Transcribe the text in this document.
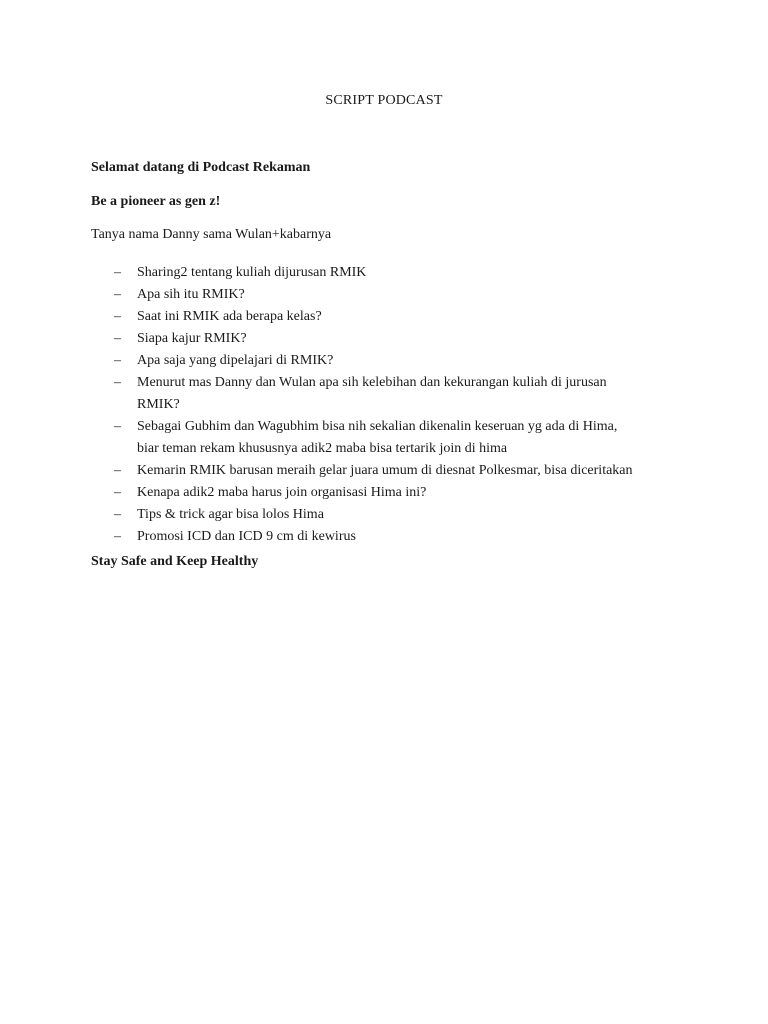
SCRIPT PODCAST
Selamat datang di Podcast Rekaman
Be a pioneer as gen z!
Tanya nama Danny sama Wulan+kabarnya
– Sharing2 tentang kuliah dijurusan RMIK
– Apa sih itu RMIK?
– Saat ini RMIK ada berapa kelas?
– Siapa kajur RMIK?
– Apa saja yang dipelajari di RMIK?
– Menurut mas Danny dan Wulan apa sih kelebihan dan kekurangan kuliah di jurusan
RMIK?
– Sebagai Gubhim dan Wagubhim bisa nih sekalian dikenalin keseruan yg ada di Hima,
biar teman rekam khususnya adik2 maba bisa tertarik join di hima
– Kemarin RMIK barusan meraih gelar juara umum di diesnat Polkesmar, bisa diceritakan
– Kenapa adik2 maba harus join organisasi Hima ini?
– Tips & trick agar bisa lolos Hima
– Promosi ICD dan ICD 9 cm di kewirus
Stay Safe and Keep Healthy
